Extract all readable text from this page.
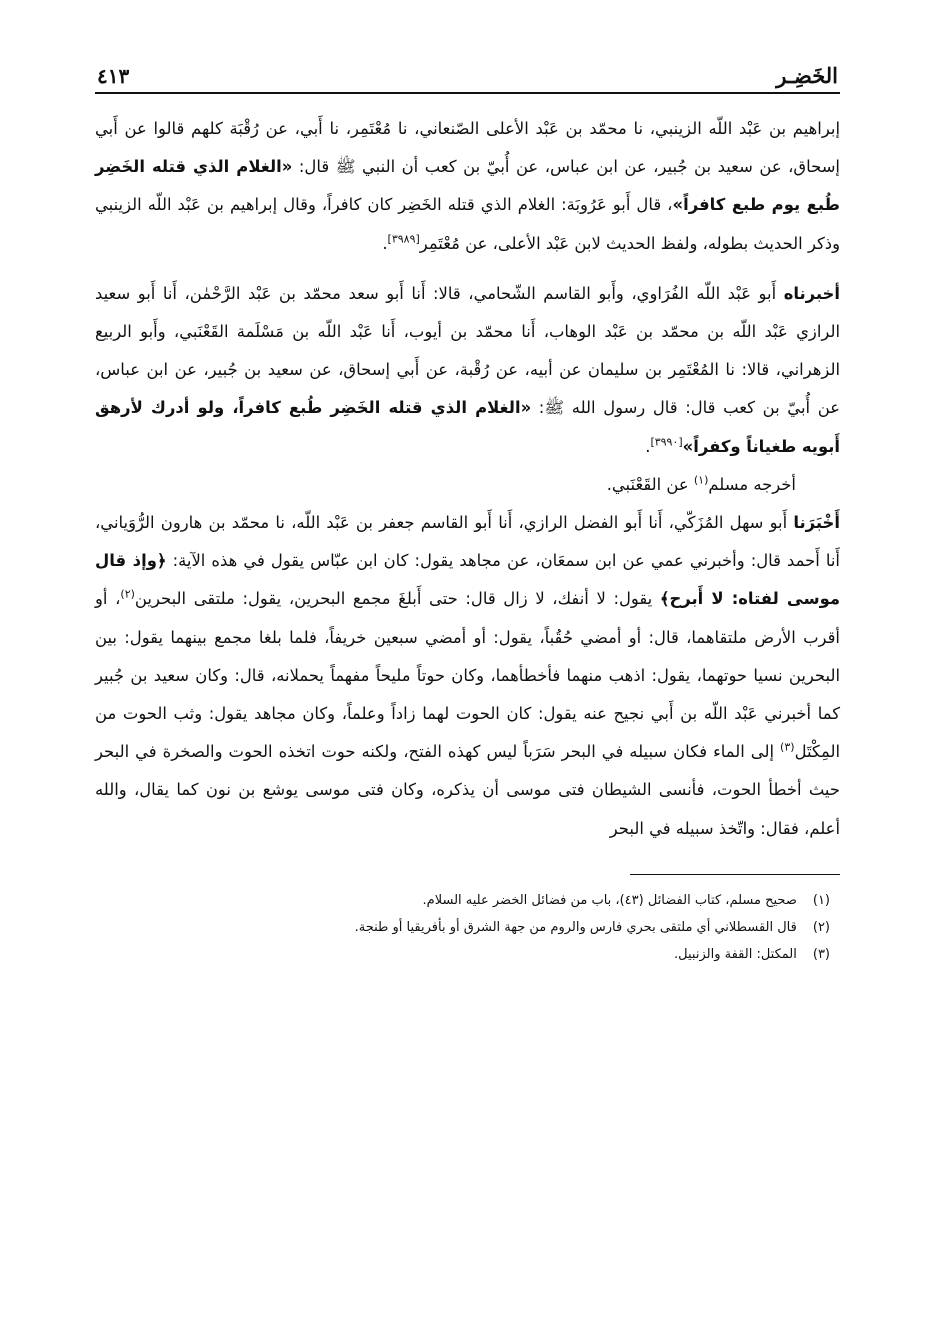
الخَضِـر
٤١٣

إبراهيم بن عَبْد اللّه الزينبي، نا محمّد بن عَبْد الأعلى الصّنعاني، نا مُعْتَمِر، نا أَبي، عن رُقْبَة كلهم قالوا عن أَبي إسحاق، عن سعيد بن جُبير، عن ابن عباس، عن أُبيّ بن كعب أن النبي ﷺ قال: «الغلام الذي قتله الخَضِر طُبع يوم طبع كافراً»، قال أَبو عَرُوبَة: الغلام الذي قتله الخَضِر كان كافراً، وقال إبراهيم بن عَبْد اللّه الزينبي وذكر الحديث بطوله، ولفظ الحديث لابن عَبْد الأعلى، عن مُعْتَمِر[٣٩٨٩].

أخبرناه أَبو عَبْد اللّه الفُرَاوي، وأَبو القاسم الشّحامي، قالا: أَنا أَبو سعد محمّد بن عَبْد الرَّحْمٰن، أَنا أَبو سعيد الرازي عَبْد اللّه بن محمّد بن عَبْد الوهاب، أَنا محمّد بن أيوب، أَنا عَبْد اللّه بن مَسْلَمة القَعْنَبي، وأَبو الربيع الزهراني، قالا: نا المُعْتَمِر بن سليمان عن أبيه، عن رُقْبة، عن أَبي إسحاق، عن سعيد بن جُبير، عن ابن عباس، عن أُبيّ بن كعب قال: قال رسول الله ﷺ: «الغلام الذي قتله الخَضِر طُبع كافراً، ولو أدرك لأرهق أَبويه طغياناً وكفراً»[٣٩٩٠].

أخرجه مسلم$^{(١)}$ عن القَعْنَبي.

أَخْبَرَنا أَبو سهل المُزَكّي، أَنا أَبو الفضل الرازي، أَنا أَبو القاسم جعفر بن عَبْد اللّه، نا محمّد بن هارون الرُّوَياني، أَنا أَحمد قال: وأخبرني عمي عن ابن سمعَان، عن مجاهد يقول: كان ابن عبّاس يقول في هذه الآية: ﴿وإذ قال موسى لفتاه: لا أَبرح﴾ يقول: لا أنفك، لا زال قال: حتى أَبلغَ مجمع البحرين، يقول: ملتقى البحرين$^{(٢)}$، أو أقرب الأرض ملتقاهما، قال: أو أمضي حُقُباً، يقول: أو أمضي سبعين خريفاً، فلما بلغا مجمع بينهما يقول: بين البحرين نسيا حوتهما، يقول: اذهب منهما فأخطأهما، وكان حوتاً مليحاً مفهماً يحملانه، قال: وكان سعيد بن جُبير كما أخبرني عَبْد اللّه بن أَبي نجيح عنه يقول: كان الحوت لهما زاداً وعلماً، وكان مجاهد يقول: وثب الحوت من المِكْتَل$^{(٣)}$ إلى الماء فكان سبيله في البحر سَرَباً ليس كهذه الفتح، ولكنه حوت اتخذه الحوت والصخرة في البحر حيث أخطأ الحوت، فأنسى الشيطان فتى موسى أن يذكره، وكان فتى موسى يوشع بن نون كما يقال، والله أعلم، فقال: واتّخذ سبيله في البحر

(١)
صحيح مسلم، كتاب الفضائل (٤٣)، باب من فضائل الخضر عليه السلام.
(٢)
قال القسطلاني أي ملتقى بحري فارس والروم من جهة الشرق أو بأفريقيا أو طنجة.
(٣)
المكتل: القفة والزنبيل.
